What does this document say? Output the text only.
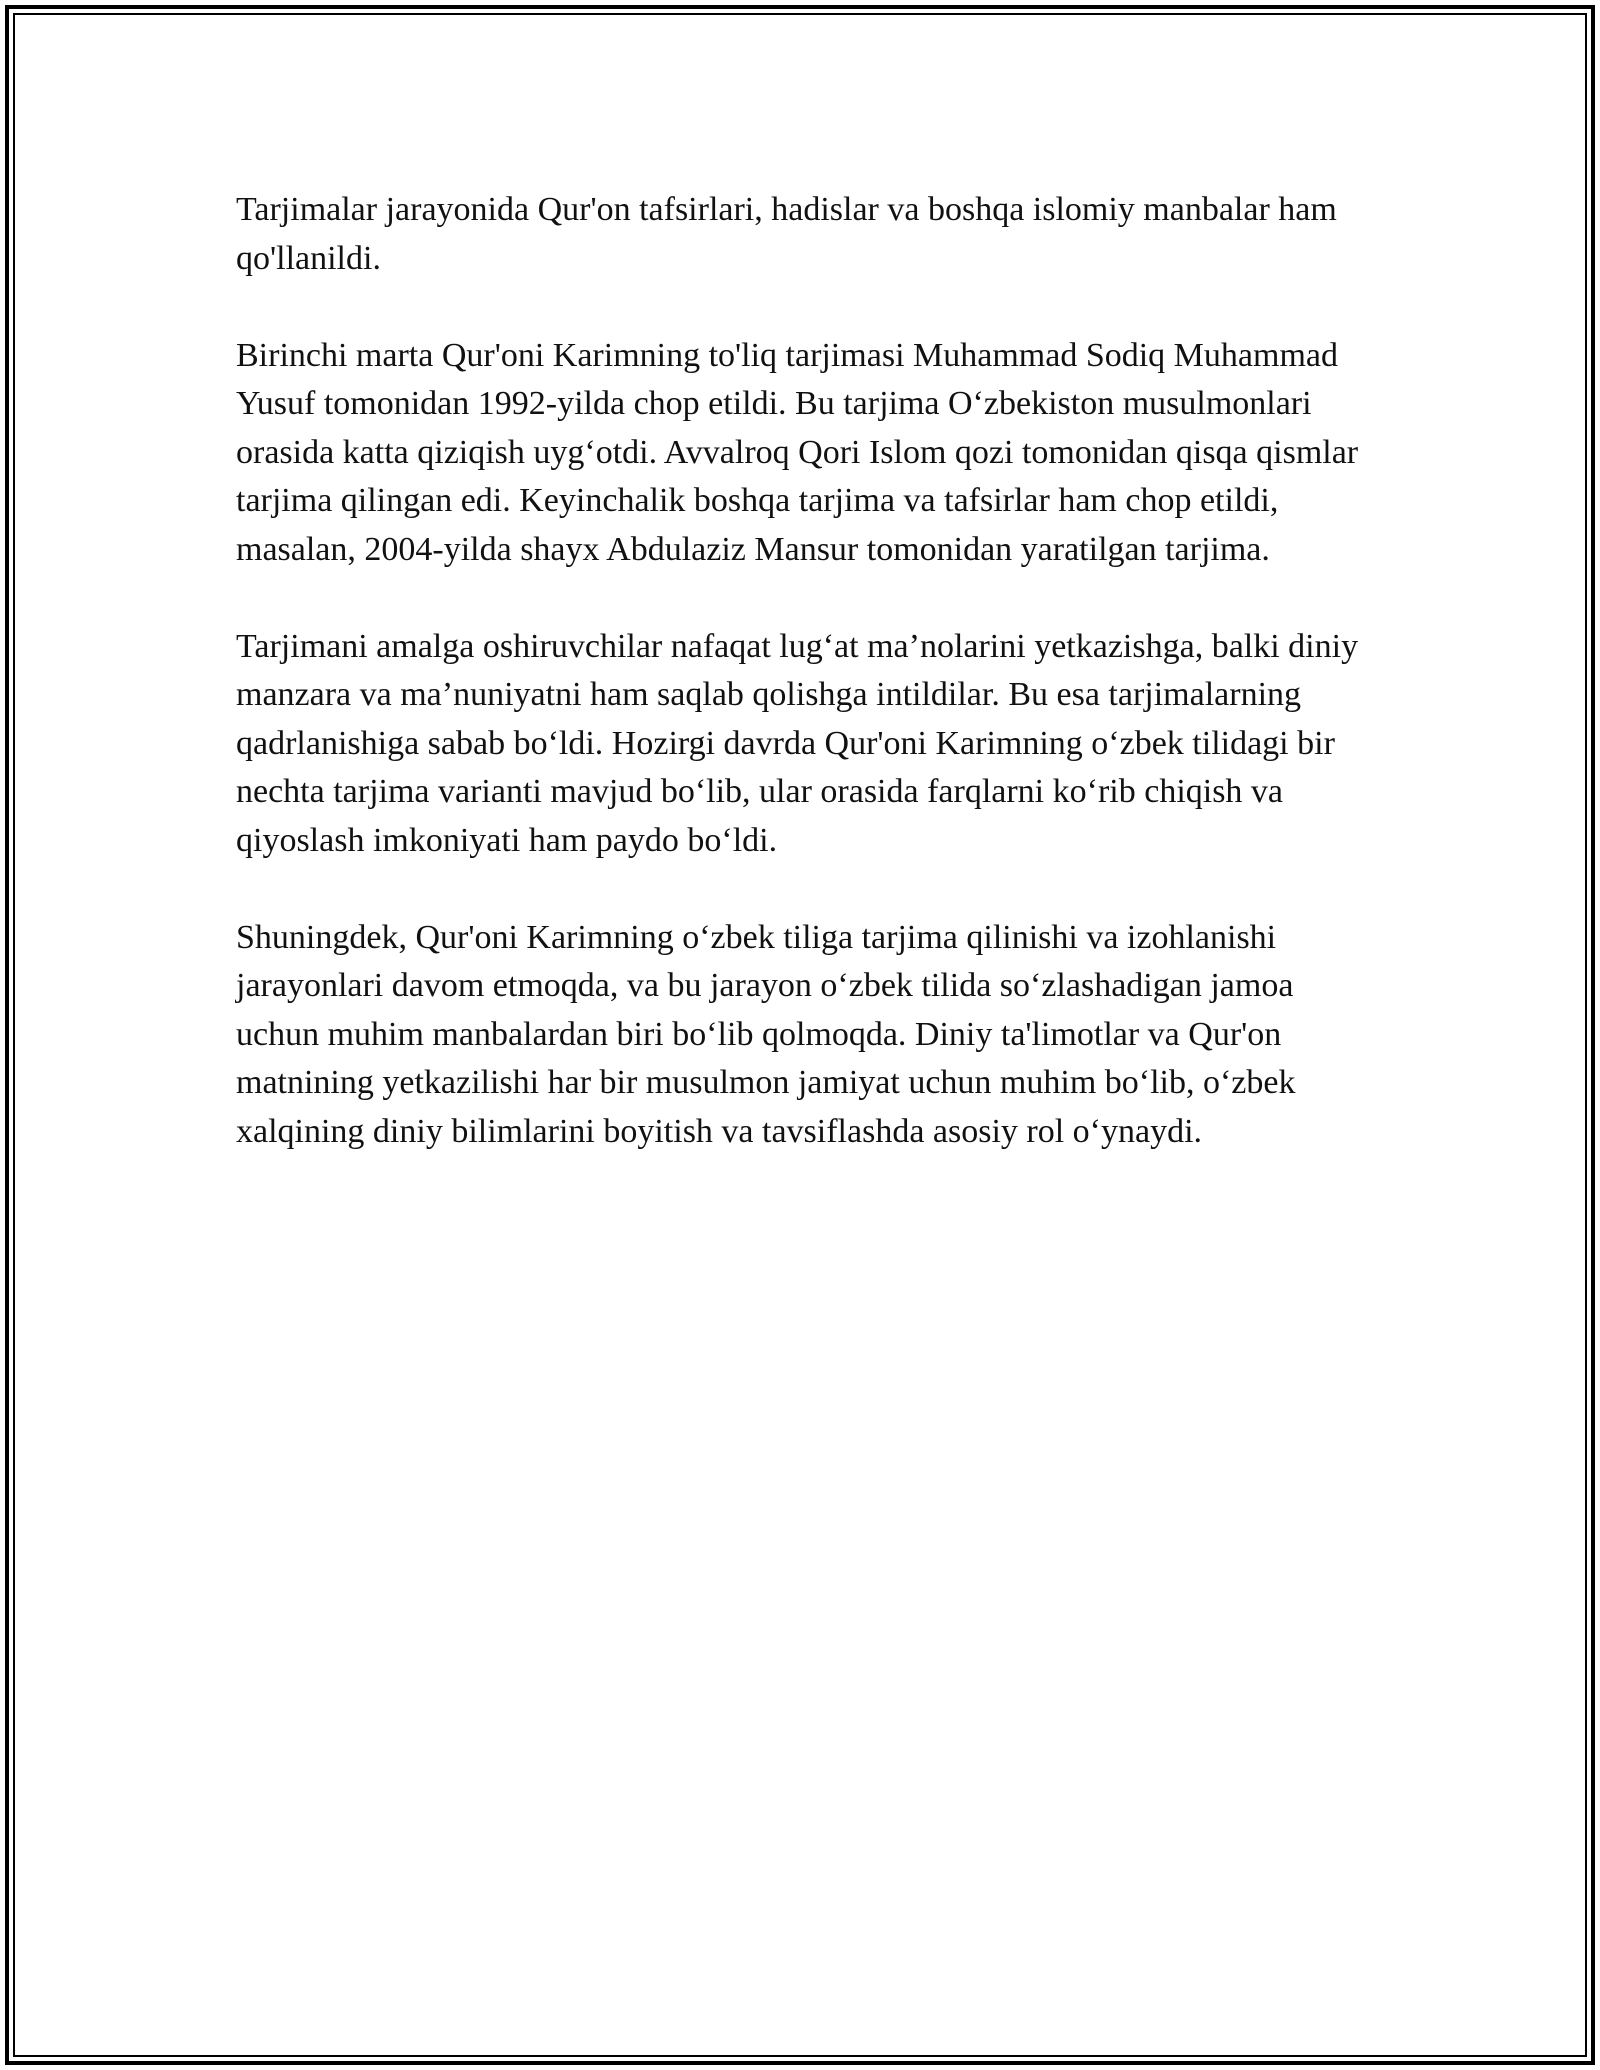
Tarjimalar jarayonida Qur'on tafsirlari, hadislar va boshqa islomiy manbalar ham qo'llanildi.

Birinchi marta Qur'oni Karimning to'liq tarjimasi Muhammad Sodiq Muhammad Yusuf tomonidan 1992-yilda chop etildi. Bu tarjima O‘zbekiston musulmonlari orasida katta qiziqish uyg‘otdi. Avvalroq Qori Islom qozi tomonidan qisqa qismlar tarjima qilingan edi. Keyinchalik boshqa tarjima va tafsirlar ham chop etildi, masalan, 2004-yilda shayx Abdulaziz Mansur tomonidan yaratilgan tarjima.

Tarjimani amalga oshiruvchilar nafaqat lug‘at ma’nolarini yetkazishga, balki diniy manzara va ma’nuniyatni ham saqlab qolishga intildilar. Bu esa tarjimalarning qadrlanishiga sabab bo‘ldi. Hozirgi davrda Qur'oni Karimning o‘zbek tilidagi bir nechta tarjima varianti mavjud bo‘lib, ular orasida farqlarni ko‘rib chiqish va qiyoslash imkoniyati ham paydo bo‘ldi.

Shuningdek, Qur'oni Karimning o‘zbek tiliga tarjima qilinishi va izohlanishi jarayonlari davom etmoqda, va bu jarayon o‘zbek tilida so‘zlashadigan jamoa uchun muhim manbalardan biri bo‘lib qolmoqda. Diniy ta'limotlar va Qur'on matnining yetkazilishi har bir musulmon jamiyat uchun muhim bo‘lib, o‘zbek xalqining diniy bilimlarini boyitish va tavsiflashda asosiy rol o‘ynaydi.
